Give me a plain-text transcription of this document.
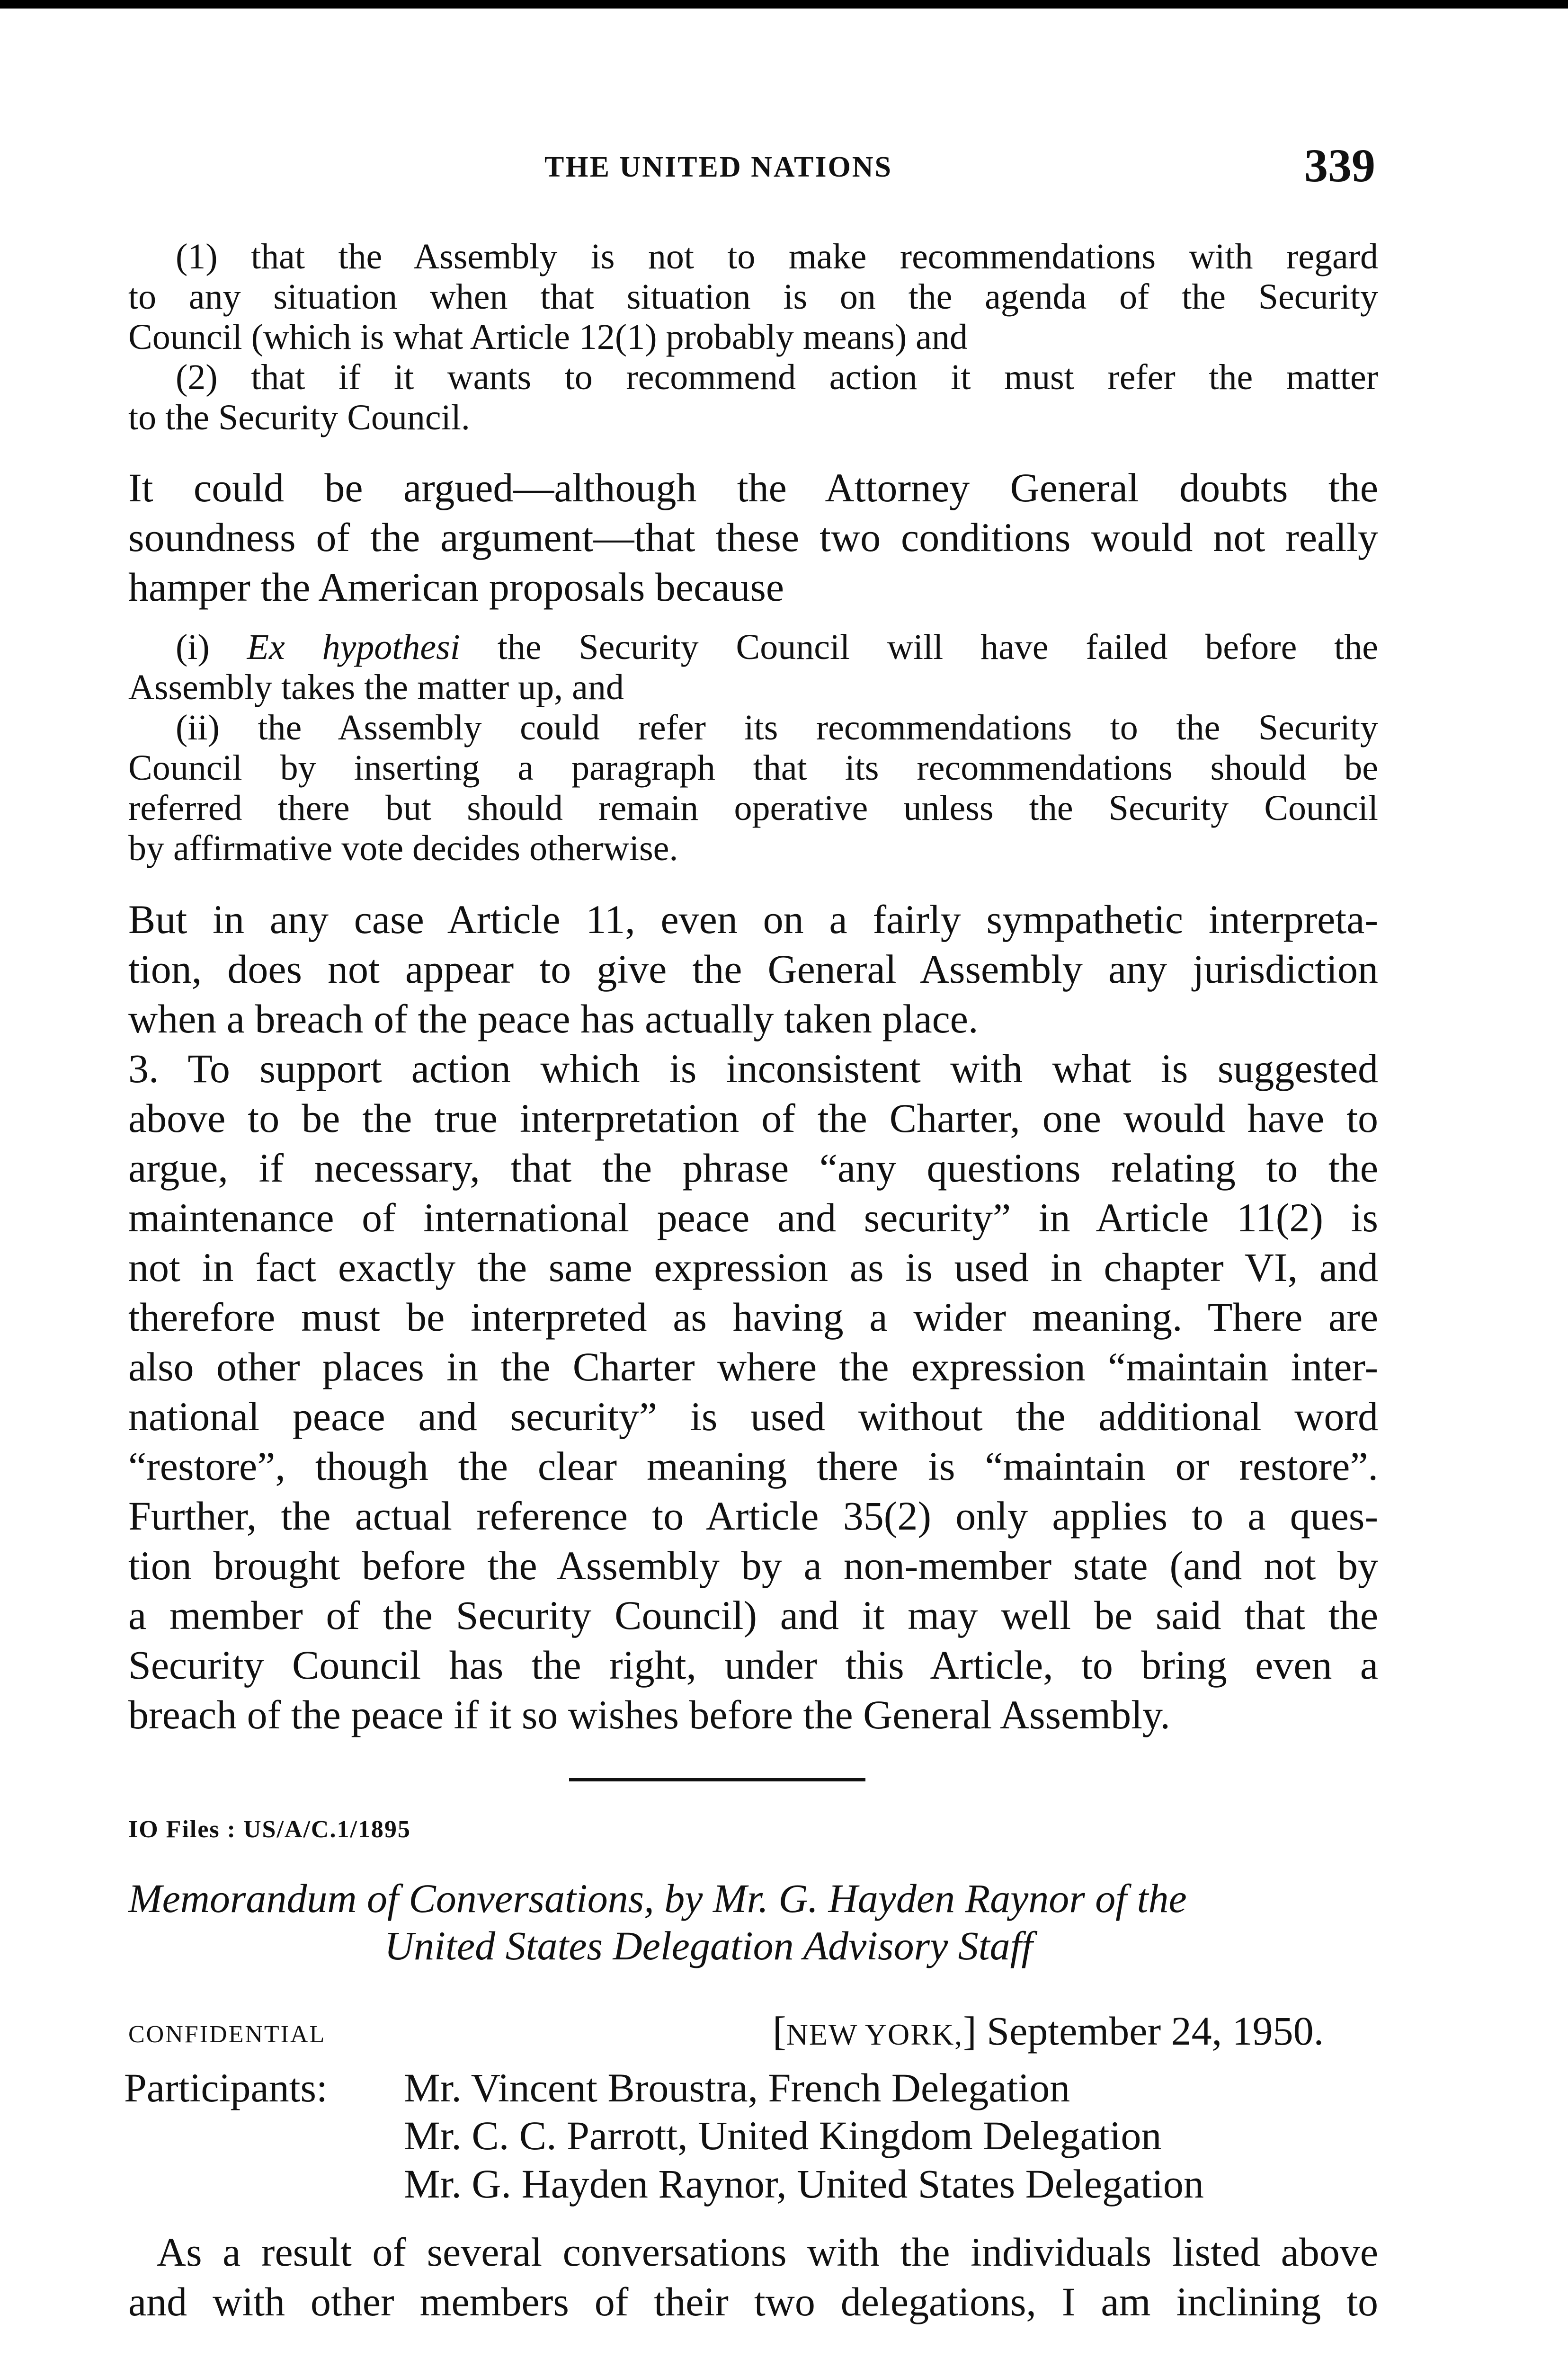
THE UNITED NATIONS	339
(1) that the Assembly is not to make recommendations with regard
to any situation when that situation is on the agenda of the Security
Council (which is what Article 12(1) probably means) and
(2) that if it wants to recommend action it must refer the matter
to the Security Council.
It could be argued—although the Attorney General doubts the
soundness of the argument—that these two conditions would not really
hamper the American proposals because
(i) Ex hypothesi the Security Council will have failed before the
Assembly takes the matter up, and
(ii) the Assembly could refer its recommendations to the Security
Council by inserting a paragraph that its recommendations should be
referred there but should remain operative unless the Security Council
by affirmative vote decides otherwise.
But in any case Article 11, even on a fairly sympathetic interpreta-
tion, does not appear to give the General Assembly any jurisdiction
when a breach of the peace has actually taken place.
3. To support action which is inconsistent with what is suggested
above to be the true interpretation of the Charter, one would have to
argue, if necessary, that the phrase “any questions relating to the
maintenance of international peace and security” in Article 11(2) is
not in fact exactly the same expression as is used in chapter VI, and
therefore must be interpreted as having a wider meaning. There are
also other places in the Charter where the expression “maintain inter-
national peace and security” is used without the additional word
“restore”, though the clear meaning there is “maintain or restore”.
Further, the actual reference to Article 35(2) only applies to a ques-
tion brought before the Assembly by a non-member state (and not by
a member of the Security Council) and it may well be said that the
Security Council has the right, under this Article, to bring even a
breach of the peace if it so wishes before the General Assembly.
IO Files : US/A/C.1/1895
Memorandum of Conversations, by Mr. G. Hayden Raynor of the
United States Delegation Advisory Staff
CONFIDENTIAL	[NEW YORK,] September 24, 1950.
Participants: Mr. Vincent Broustra, French Delegation
Mr. C. C. Parrott, United Kingdom Delegation
Mr. G. Hayden Raynor, United States Delegation
As a result of several conversations with the individuals listed above
and with other members of their two delegations, I am inclining to
